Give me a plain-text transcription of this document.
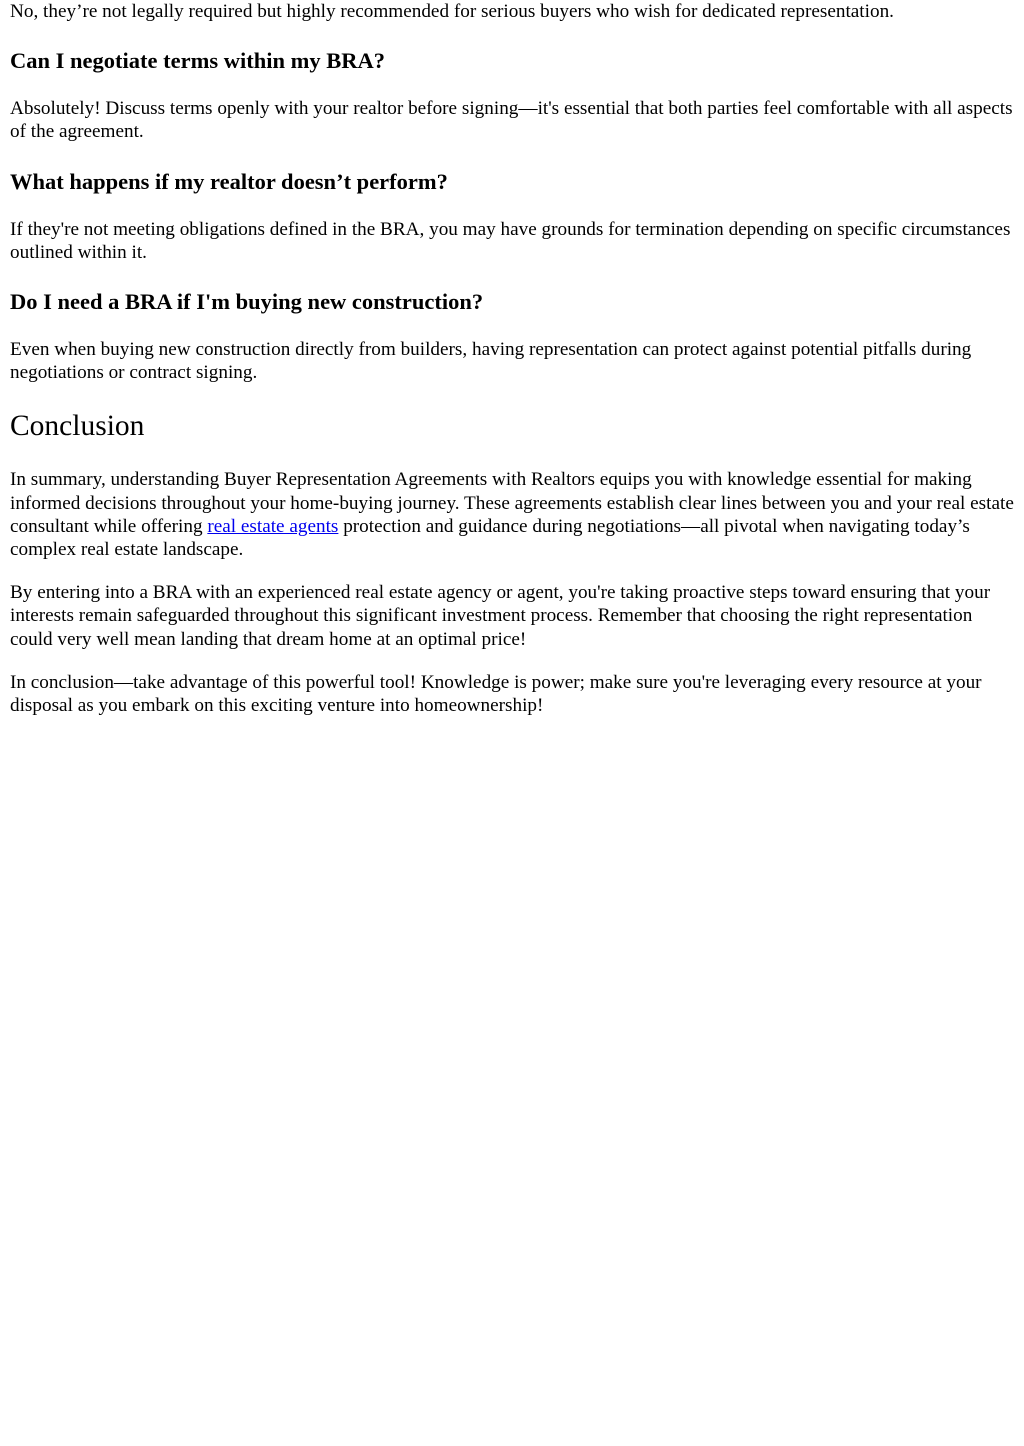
No, they’re not legally required but highly recommended for serious buyers who wish for dedicated representation.

Can I negotiate terms within my BRA?

Absolutely! Discuss terms openly with your realtor before signing—it's essential that both parties feel comfortable with all aspects of the agreement.

What happens if my realtor doesn’t perform?

If they're not meeting obligations defined in the BRA, you may have grounds for termination depending on specific circumstances outlined within it.

Do I need a BRA if I'm buying new construction?

Even when buying new construction directly from builders, having representation can protect against potential pitfalls during negotiations or contract signing.

Conclusion

In summary, understanding Buyer Representation Agreements with Realtors equips you with knowledge essential for making informed decisions throughout your home-buying journey. These agreements establish clear lines between you and your real estate consultant while offering real estate agents protection and guidance during negotiations—all pivotal when navigating today’s complex real estate landscape.

By entering into a BRA with an experienced real estate agency or agent, you're taking proactive steps toward ensuring that your interests remain safeguarded throughout this significant investment process. Remember that choosing the right representation could very well mean landing that dream home at an optimal price!

In conclusion—take advantage of this powerful tool! Knowledge is power; make sure you're leveraging every resource at your disposal as you embark on this exciting venture into homeownership!
